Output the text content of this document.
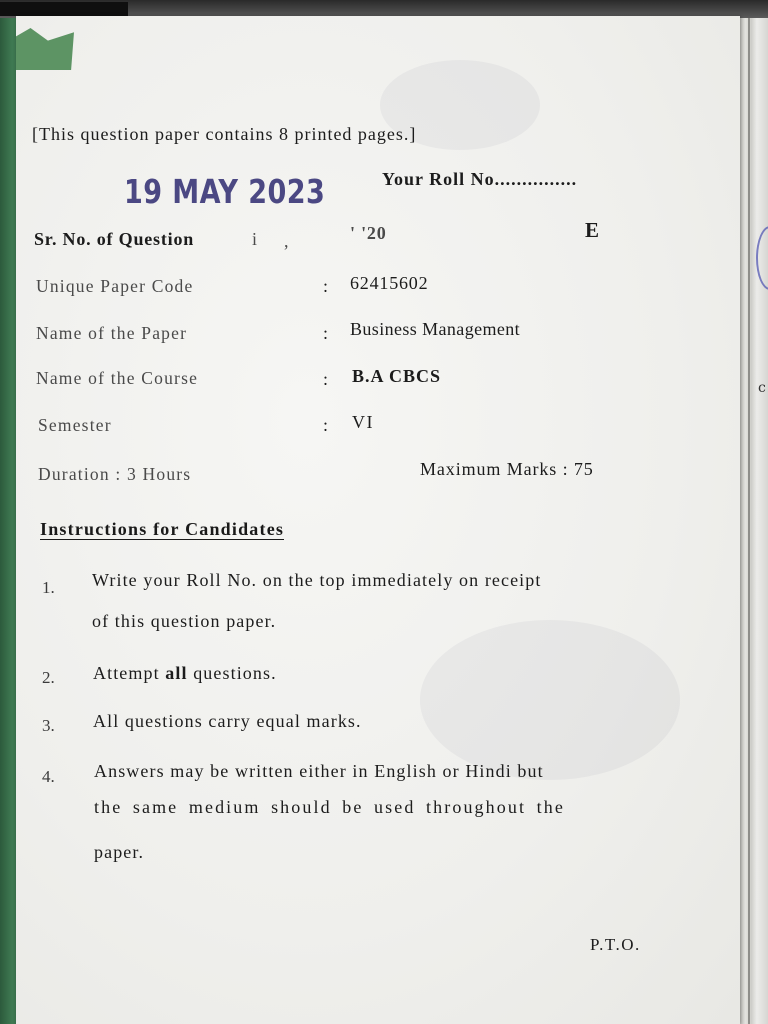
c
[This question paper contains 8 printed pages.]
19 MAY 2023	Your Roll No...............
Sr. No. of Question	i ,	' '20	E
Unique Paper Code	: 62415602
Name of the Paper	: Business Management
Name of the Course	: B.A CBCS
Semester	: VI
Duration : 3 Hours	Maximum Marks : 75
Instructions for Candidates
1. Write your Roll No. on the top immediately on receipt
of this question paper.
2. Attempt all questions.
3. All questions carry equal marks.
4. Answers may be written either in English or Hindi but
the same medium should be used throughout the
paper.
P.T.O.
